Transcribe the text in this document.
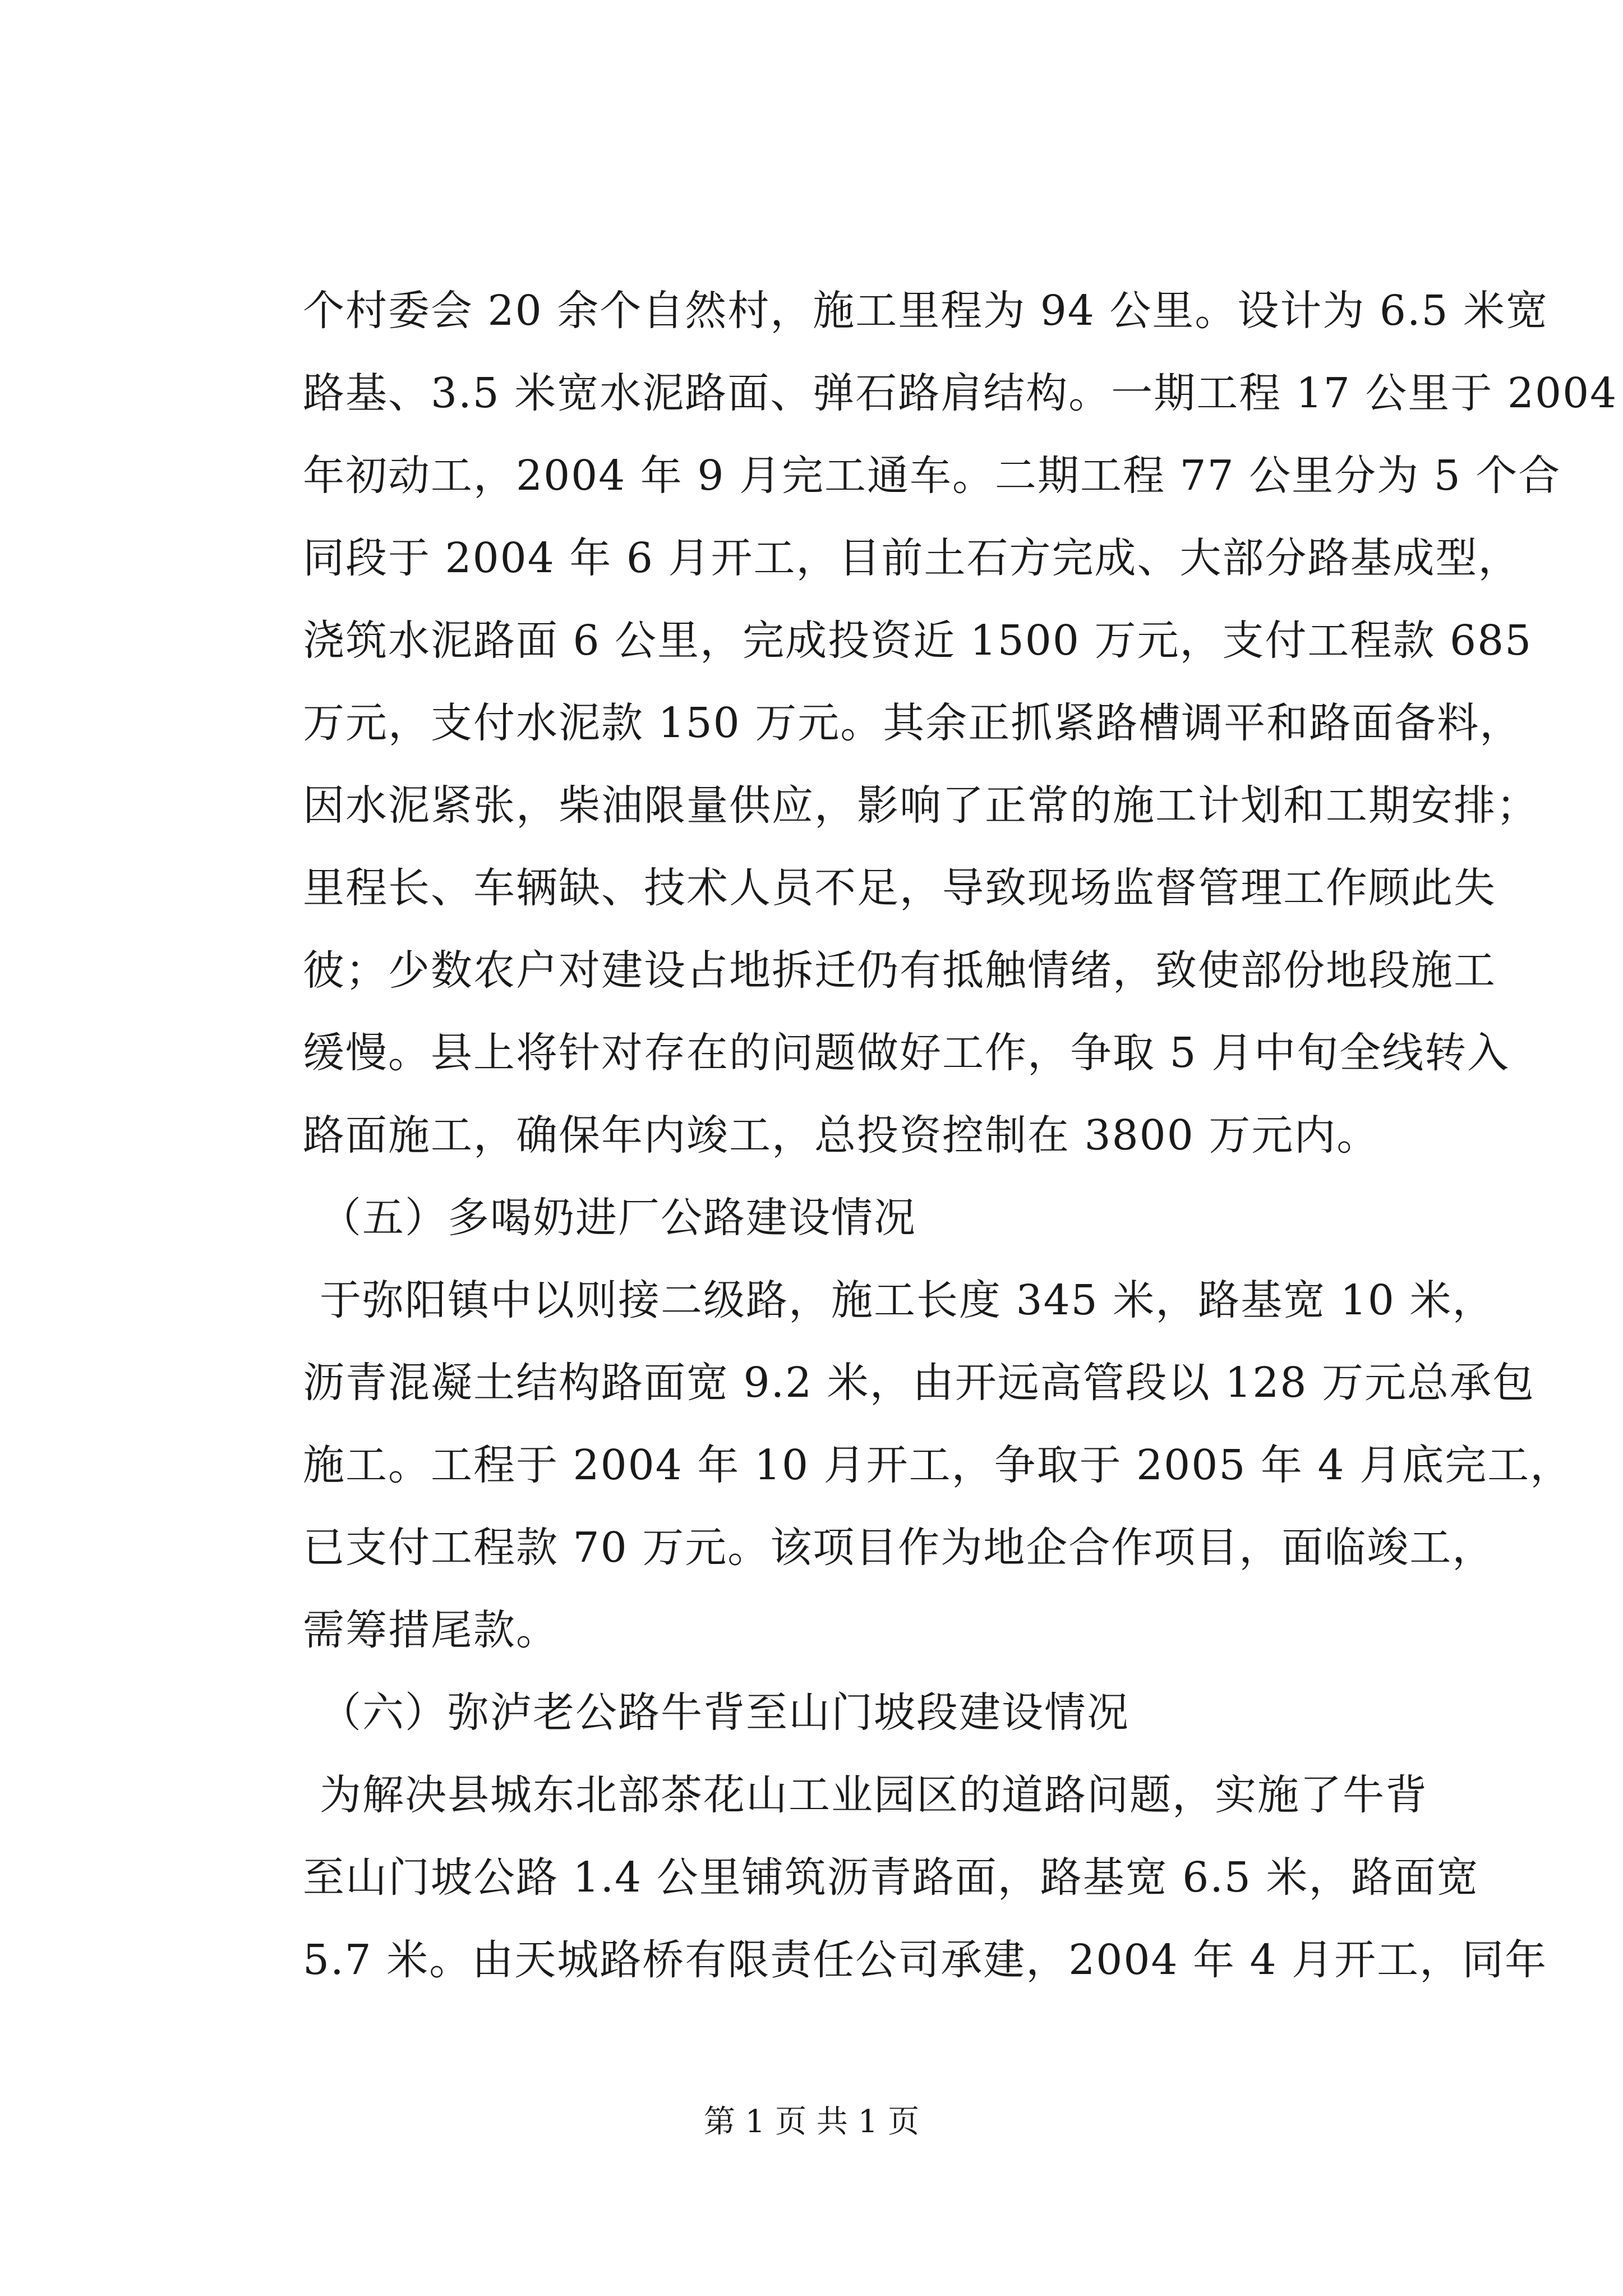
个村委会 20 余个自然村，施工里程为 94 公里。设计为 6.5 米宽
路基、3.5 米宽水泥路面、弹石路肩结构。一期工程 17 公里于 2004
年初动工，2004 年 9 月完工通车。二期工程 77 公里分为 5 个合
同段于 2004 年 6 月开工，目前土石方完成、大部分路基成型，
浇筑水泥路面 6 公里，完成投资近 1500 万元，支付工程款 685
万元，支付水泥款 150 万元。其余正抓紧路槽调平和路面备料，
因水泥紧张，柴油限量供应，影响了正常的施工计划和工期安排；
里程长、车辆缺、技术人员不足，导致现场监督管理工作顾此失
彼；少数农户对建设占地拆迁仍有抵触情绪，致使部份地段施工
缓慢。县上将针对存在的问题做好工作，争取 5 月中旬全线转入
路面施工，确保年内竣工，总投资控制在 3800 万元内。
（五）多喝奶进厂公路建设情况
于弥阳镇中以则接二级路，施工长度 345 米，路基宽 10 米，
沥青混凝土结构路面宽 9.2 米，由开远高管段以 128 万元总承包
施工。工程于 2004 年 10 月开工，争取于 2005 年 4 月底完工，
已支付工程款 70 万元。该项目作为地企合作项目，面临竣工，
需筹措尾款。
（六）弥泸老公路牛背至山门坡段建设情况
为解决县城东北部茶花山工业园区的道路问题，实施了牛背
至山门坡公路 1.4 公里铺筑沥青路面，路基宽 6.5 米，路面宽
5.7 米。由天城路桥有限责任公司承建，2004 年 4 月开工，同年
第 1 页 共 1 页
